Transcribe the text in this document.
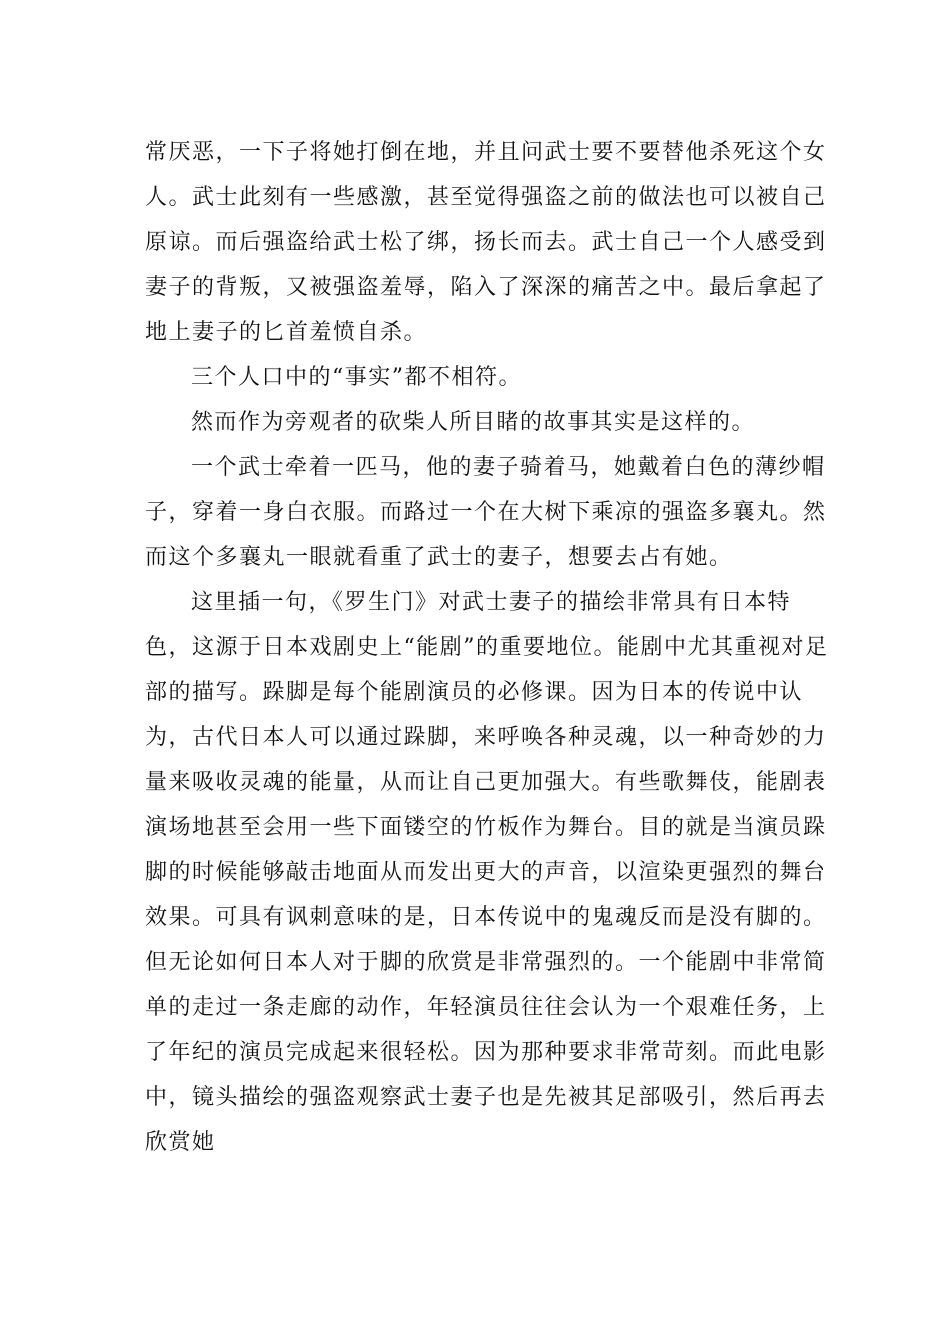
常厌恶，一下子将她打倒在地，并且问武士要不要替他杀死这个女人。武士此刻有一些感激，甚至觉得强盗之前的做法也可以被自己原谅。而后强盗给武士松了绑，扬长而去。武士自己一个人感受到妻子的背叛，又被强盗羞辱，陷入了深深的痛苦之中。最后拿起了地上妻子的匕首羞愤自杀。

三个人口中的“事实”都不相符。

然而作为旁观者的砍柴人所目睹的故事其实是这样的。

一个武士牵着一匹马，他的妻子骑着马，她戴着白色的薄纱帽子，穿着一身白衣服。而路过一个在大树下乘凉的强盗多襄丸。然而这个多襄丸一眼就看重了武士的妻子，想要去占有她。

这里插一句，《罗生门》对武士妻子的描绘非常具有日本特色，这源于日本戏剧史上“能剧”的重要地位。能剧中尤其重视对足部的描写。跺脚是每个能剧演员的必修课。因为日本的传说中认为，古代日本人可以通过跺脚，来呼唤各种灵魂，以一种奇妙的力量来吸收灵魂的能量，从而让自己更加强大。有些歌舞伎，能剧表演场地甚至会用一些下面镂空的竹板作为舞台。目的就是当演员跺脚的时候能够敲击地面从而发出更大的声音，以渲染更强烈的舞台效果。可具有讽刺意味的是，日本传说中的鬼魂反而是没有脚的。但无论如何日本人对于脚的欣赏是非常强烈的。一个能剧中非常简单的走过一条走廊的动作，年轻演员往往会认为一个艰难任务，上了年纪的演员完成起来很轻松。因为那种要求非常苛刻。而此电影中，镜头描绘的强盗观察武士妻子也是先被其足部吸引，然后再去欣赏她
